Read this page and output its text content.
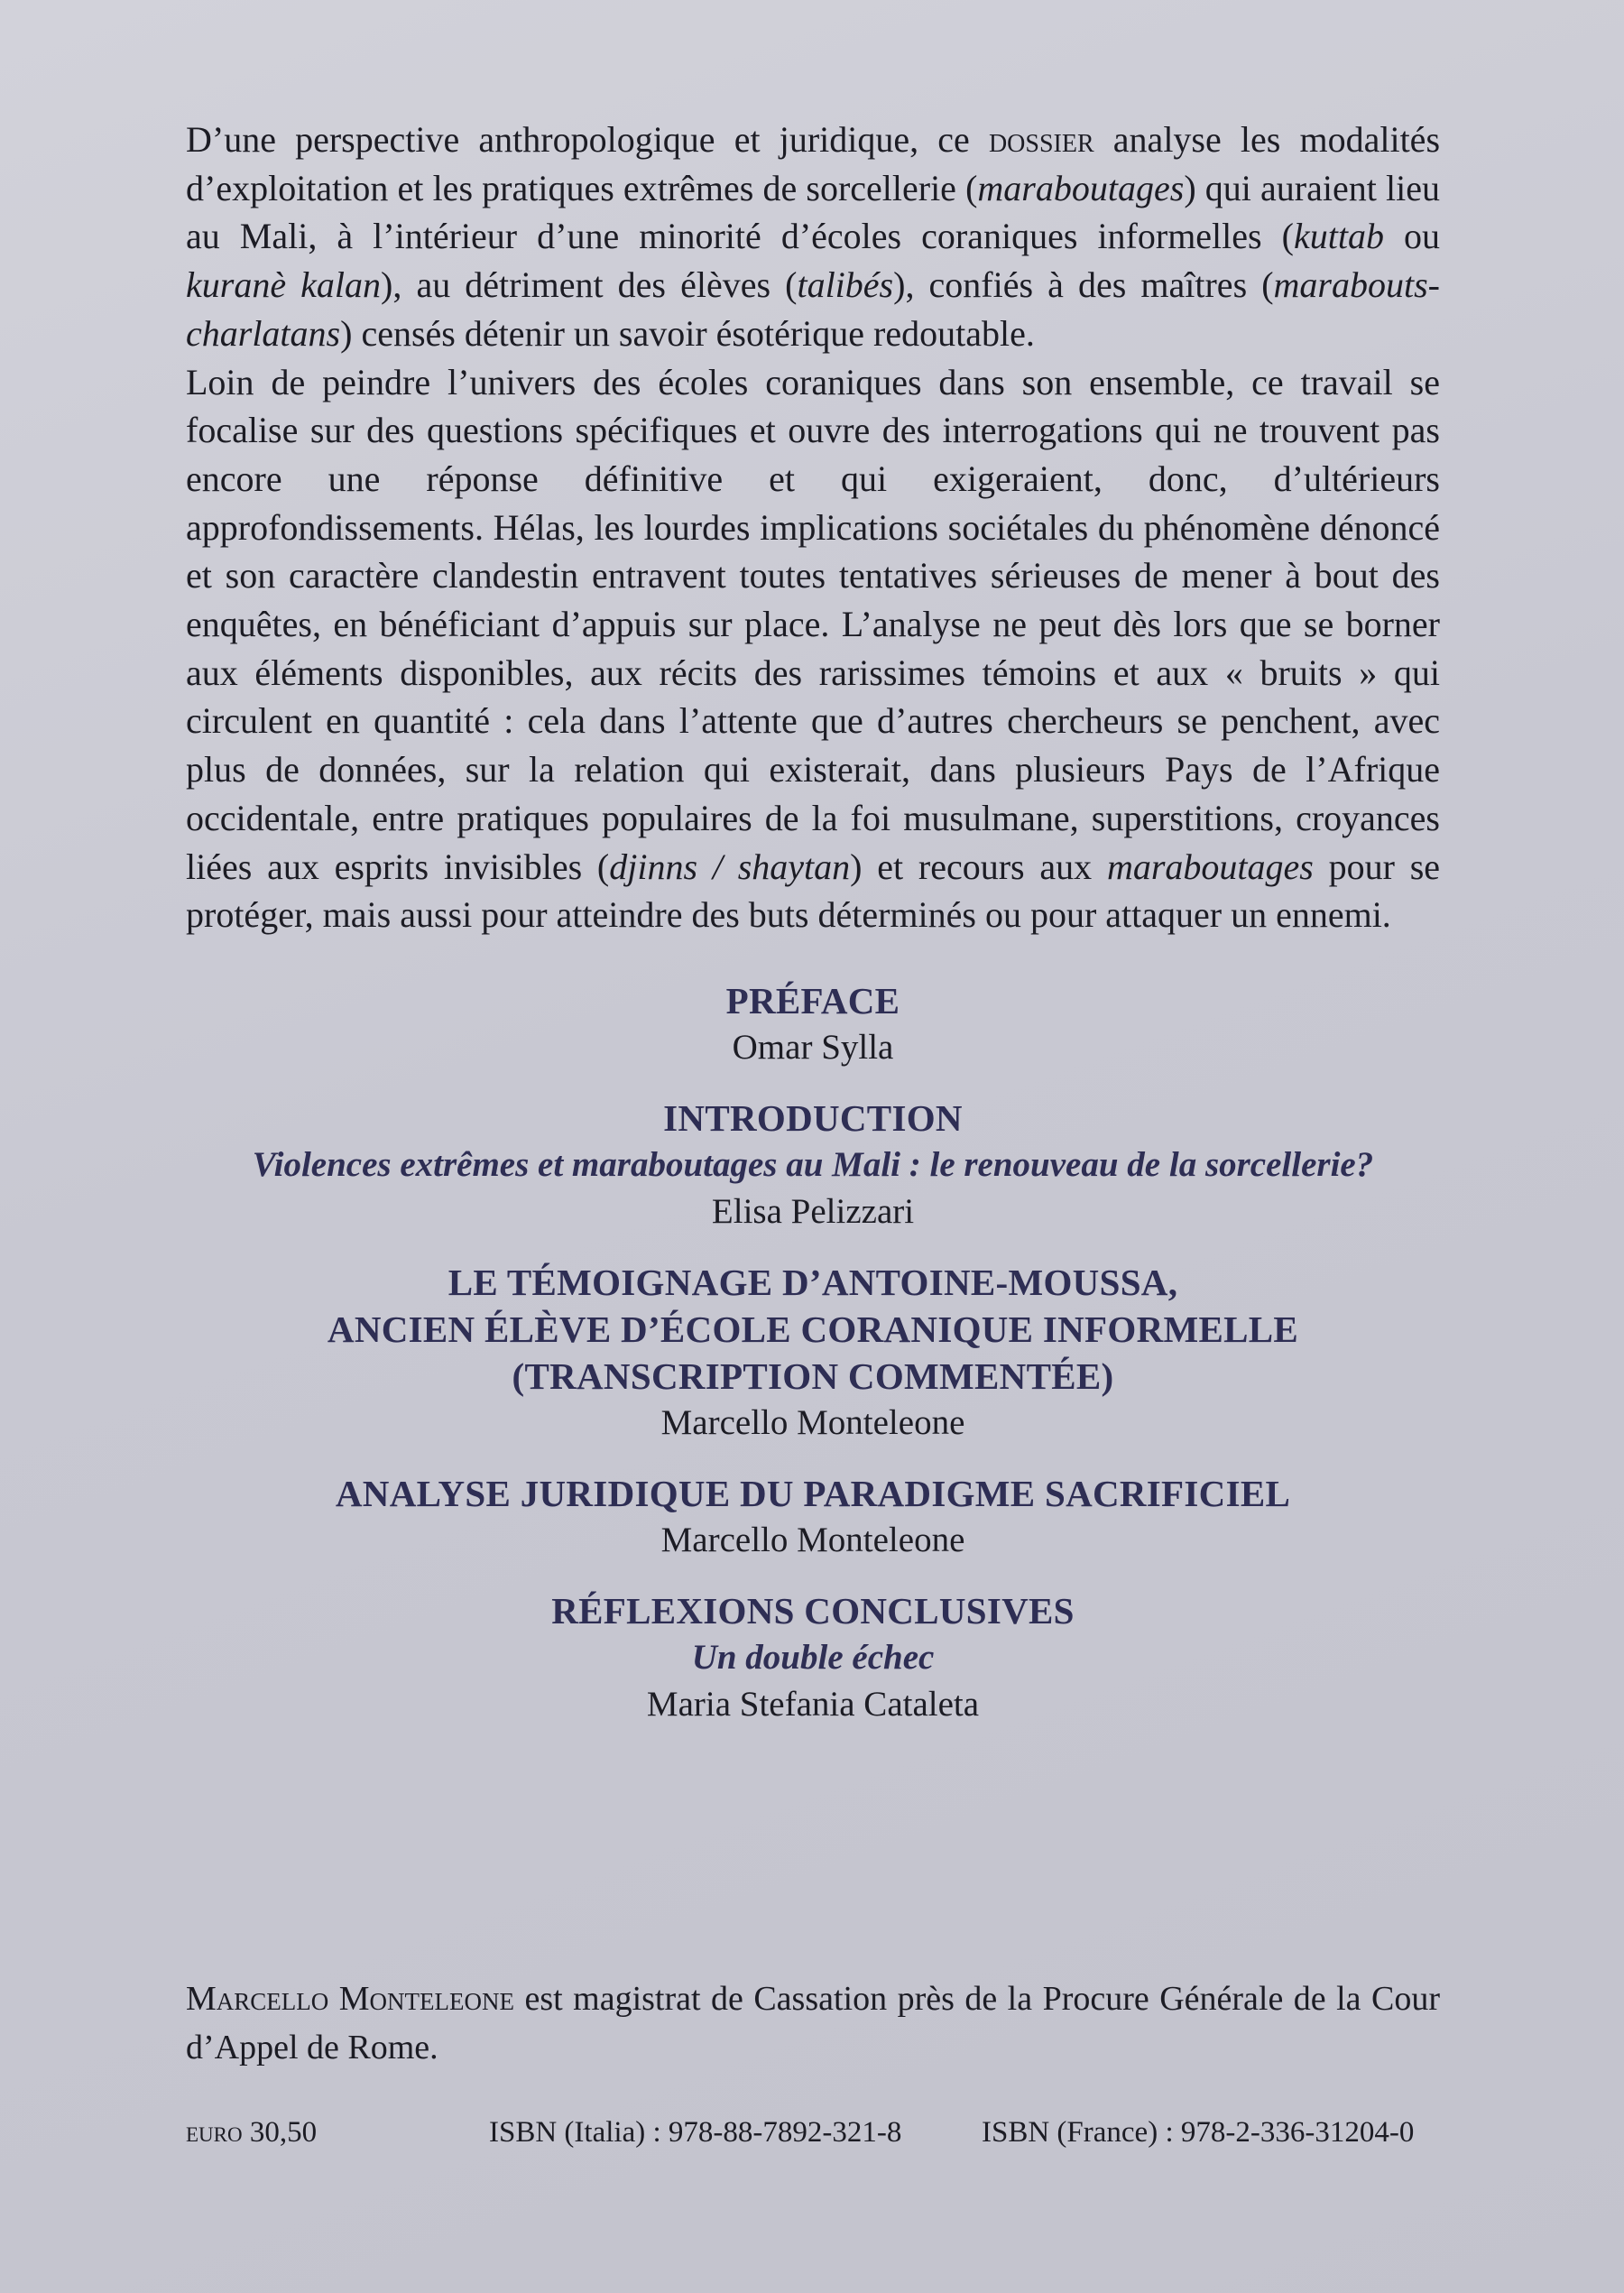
D’une perspective anthropologique et juridique, ce dossier analyse les modalités d’exploitation et les pratiques extrêmes de sorcellerie (maraboutages) qui auraient lieu au Mali, à l’intérieur d’une minorité d’écoles coraniques informelles (kuttab ou kuranè kalan), au détriment des élèves (talibés), confiés à des maîtres (marabouts-charlatans) censés détenir un savoir ésotérique redoutable.

Loin de peindre l’univers des écoles coraniques dans son ensemble, ce travail se focalise sur des questions spécifiques et ouvre des interrogations qui ne trouvent pas encore une réponse définitive et qui exigeraient, donc, d’ultérieurs approfondissements. Hélas, les lourdes implications sociétales du phénomène dénoncé et son caractère clandestin entravent toutes tentatives sérieuses de mener à bout des enquêtes, en bénéficiant d’appuis sur place. L’analyse ne peut dès lors que se borner aux éléments disponibles, aux récits des rarissimes témoins et aux « bruits » qui circulent en quantité : cela dans l’attente que d’autres chercheurs se penchent, avec plus de données, sur la relation qui existerait, dans plusieurs Pays de l’Afrique occidentale, entre pratiques populaires de la foi musulmane, superstitions, croyances liées aux esprits invisibles (djinns / shaytan) et recours aux maraboutages pour se protéger, mais aussi pour atteindre des buts déterminés ou pour attaquer un ennemi.

PRÉFACE
Omar Sylla
INTRODUCTION
Violences extrêmes et maraboutages au Mali : le renouveau de la sorcellerie?
Elisa Pelizzari
LE TÉMOIGNAGE D’ANTOINE-MOUSSA,
ANCIEN ÉLÈVE D’ÉCOLE CORANIQUE INFORMELLE
(TRANSCRIPTION COMMENTÉE)
Marcello Monteleone
ANALYSE JURIDIQUE DU PARADIGME SACRIFICIEL
Marcello Monteleone
RÉFLEXIONS CONCLUSIVES
Un double échec
Maria Stefania Cataleta
Marcello Monteleone est magistrat de Cassation près de la Procure Générale de la Cour d’Appel de Rome.
euro 30,50	ISBN (Italia) : 978-88-7892-321-8	ISBN (France) : 978-2-336-31204-0
